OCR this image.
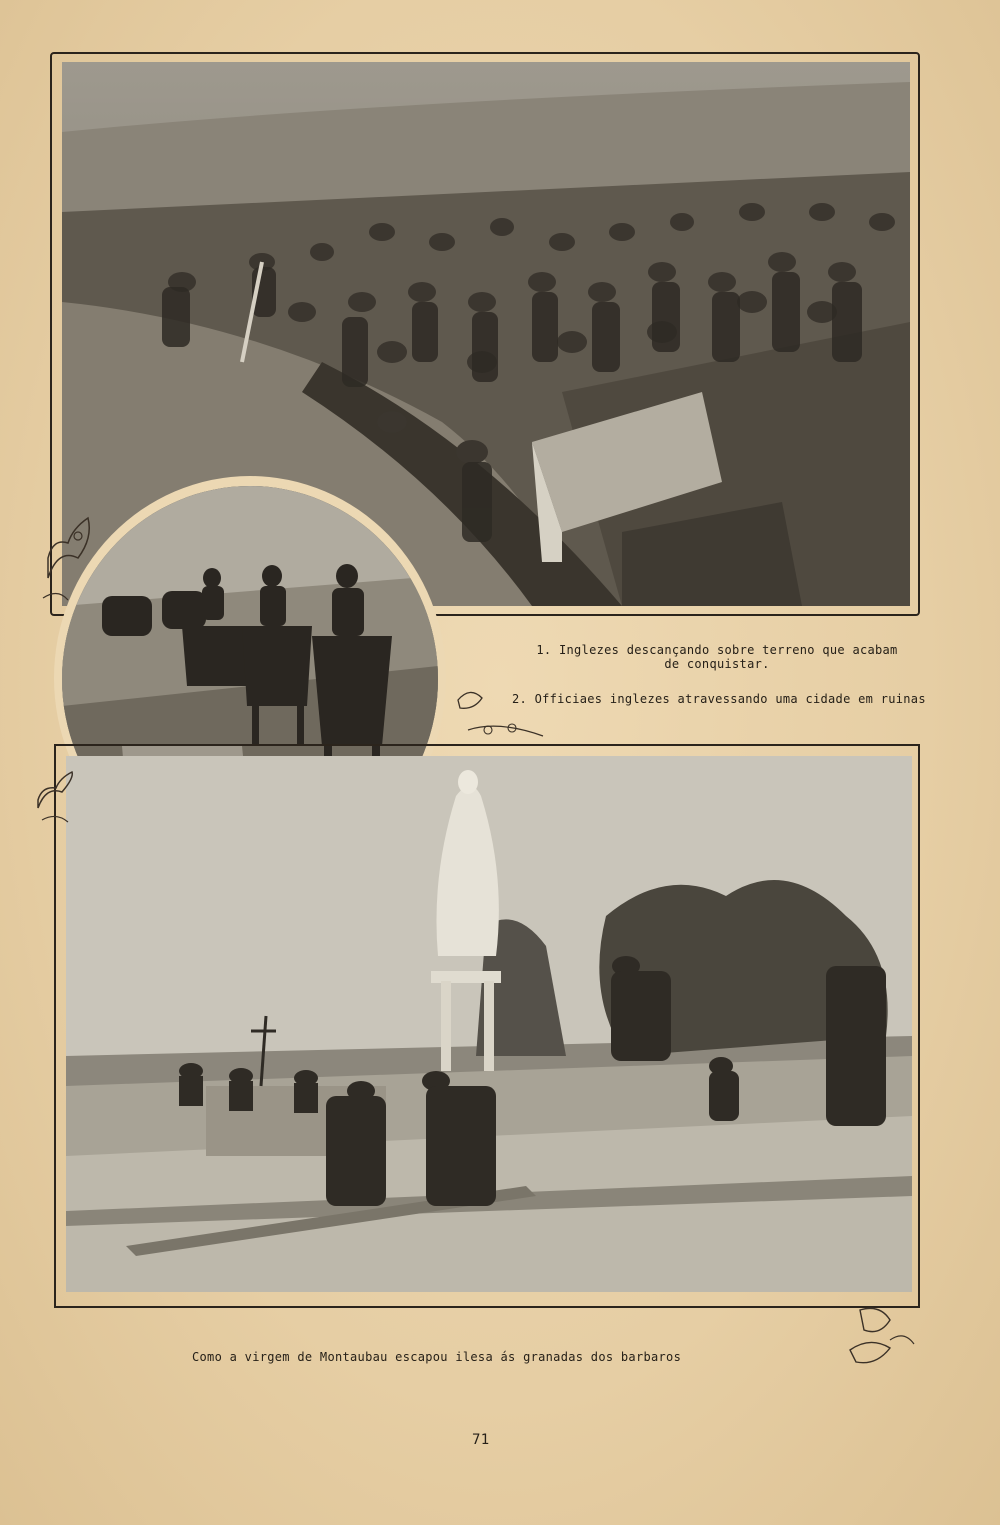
1. Inglezes descançando sobre terreno que acabam de conquistar.
2. Officiaes inglezes atravessando uma cidade em ruinas
Como a virgem de Montaubau escapou ilesa ás granadas dos barbaros
71
